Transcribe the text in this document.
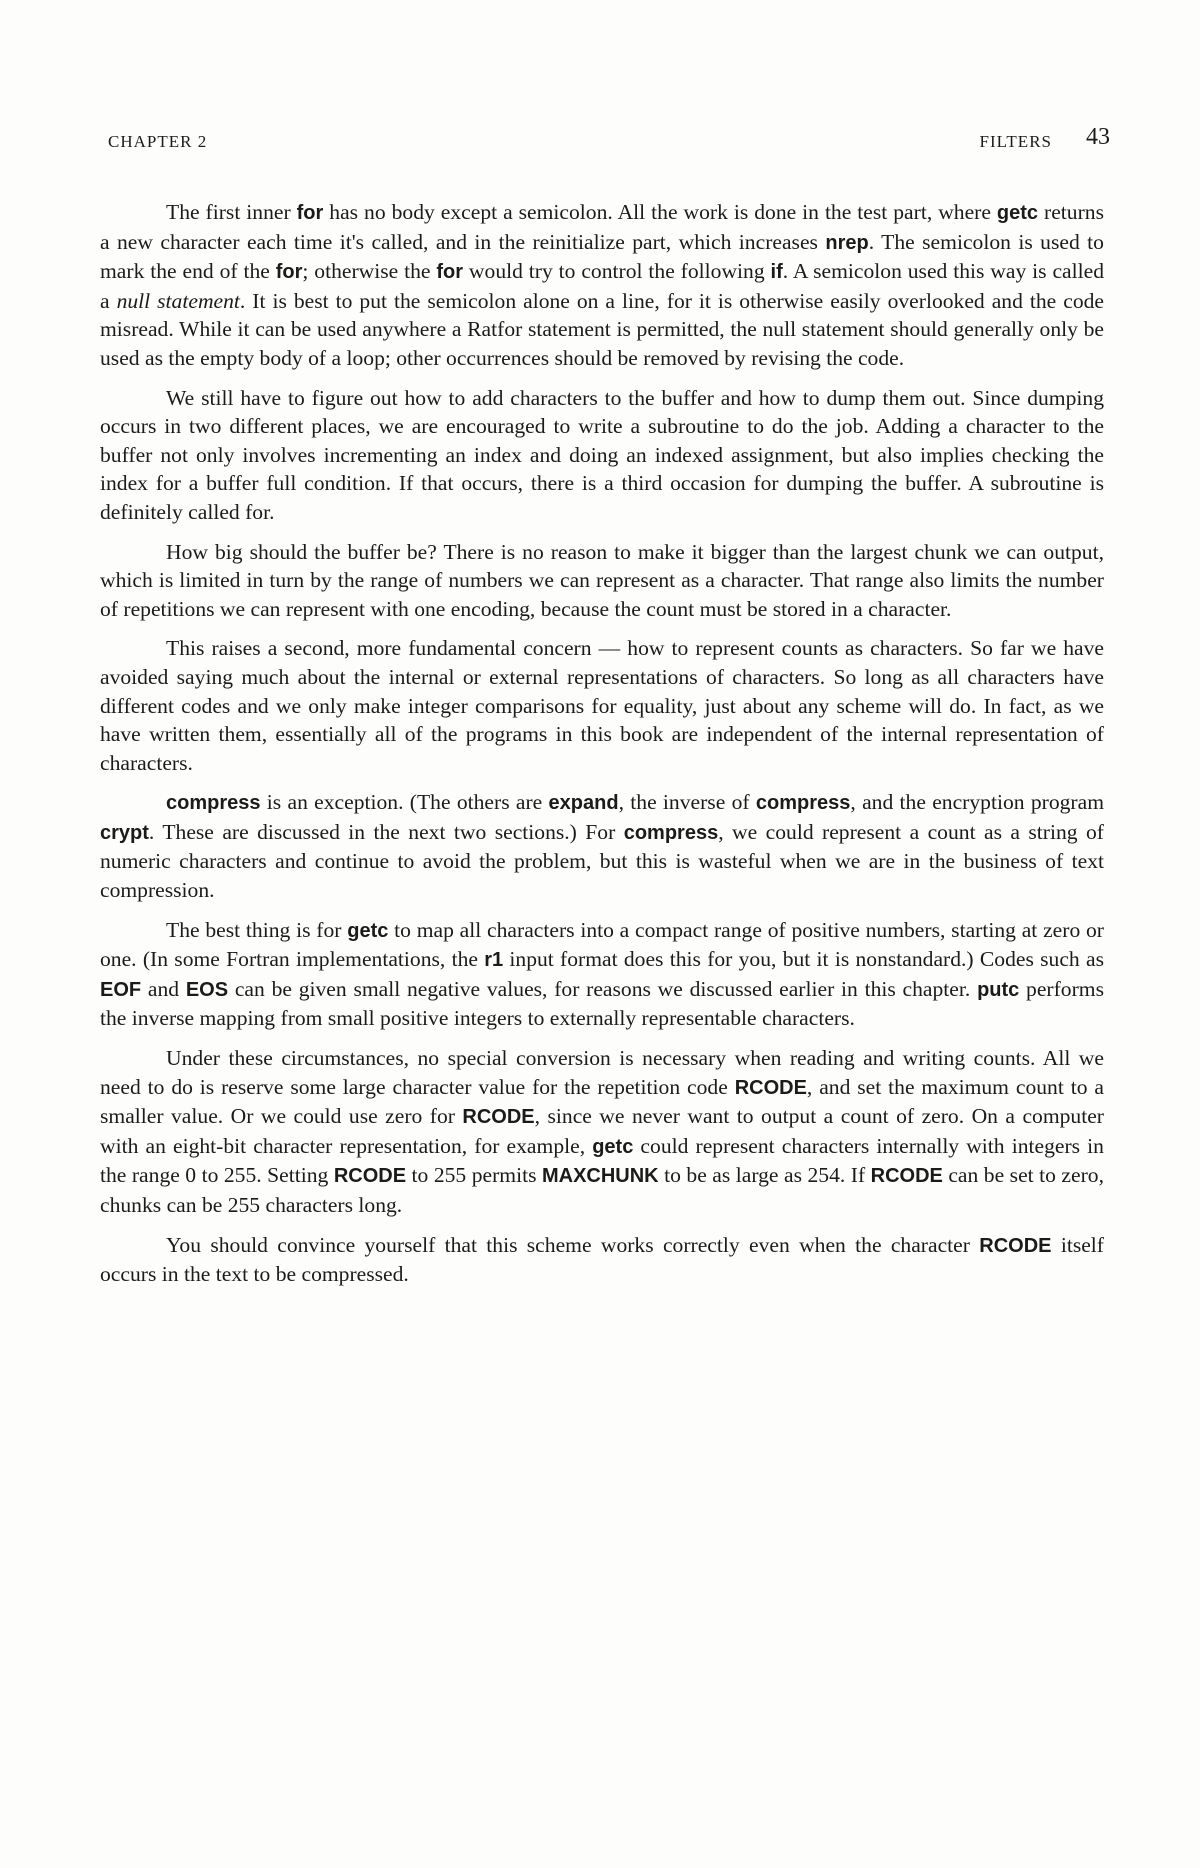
CHAPTER 2	FILTERS 43

The first inner for has no body except a semicolon. All the work is done in the test part, where getc returns a new character each time it's called, and in the reinitialize part, which increases nrep. The semicolon is used to mark the end of the for; otherwise the for would try to control the following if. A semicolon used this way is called a null statement. It is best to put the semicolon alone on a line, for it is otherwise easily overlooked and the code misread. While it can be used anywhere a Ratfor statement is permitted, the null statement should generally only be used as the empty body of a loop; other occurrences should be removed by revising the code.

We still have to figure out how to add characters to the buffer and how to dump them out. Since dumping occurs in two different places, we are encouraged to write a subroutine to do the job. Adding a character to the buffer not only involves incrementing an index and doing an indexed assignment, but also implies checking the index for a buffer full condition. If that occurs, there is a third occasion for dumping the buffer. A subroutine is definitely called for.

How big should the buffer be? There is no reason to make it bigger than the largest chunk we can output, which is limited in turn by the range of numbers we can represent as a character. That range also limits the number of repetitions we can represent with one encoding, because the count must be stored in a character.

This raises a second, more fundamental concern — how to represent counts as characters. So far we have avoided saying much about the internal or external representations of characters. So long as all characters have different codes and we only make integer comparisons for equality, just about any scheme will do. In fact, as we have written them, essentially all of the programs in this book are independent of the internal representation of characters.

compress is an exception. (The others are expand, the inverse of compress, and the encryption program crypt. These are discussed in the next two sections.) For compress, we could represent a count as a string of numeric characters and continue to avoid the problem, but this is wasteful when we are in the business of text compression.

The best thing is for getc to map all characters into a compact range of positive numbers, starting at zero or one. (In some Fortran implementations, the r1 input format does this for you, but it is nonstandard.) Codes such as EOF and EOS can be given small negative values, for reasons we discussed earlier in this chapter. putc performs the inverse mapping from small positive integers to externally representable characters.

Under these circumstances, no special conversion is necessary when reading and writing counts. All we need to do is reserve some large character value for the repetition code RCODE, and set the maximum count to a smaller value. Or we could use zero for RCODE, since we never want to output a count of zero. On a computer with an eight-bit character representation, for example, getc could represent characters internally with integers in the range 0 to 255. Setting RCODE to 255 permits MAXCHUNK to be as large as 254. If RCODE can be set to zero, chunks can be 255 characters long.

You should convince yourself that this scheme works correctly even when the character RCODE itself occurs in the text to be compressed.
